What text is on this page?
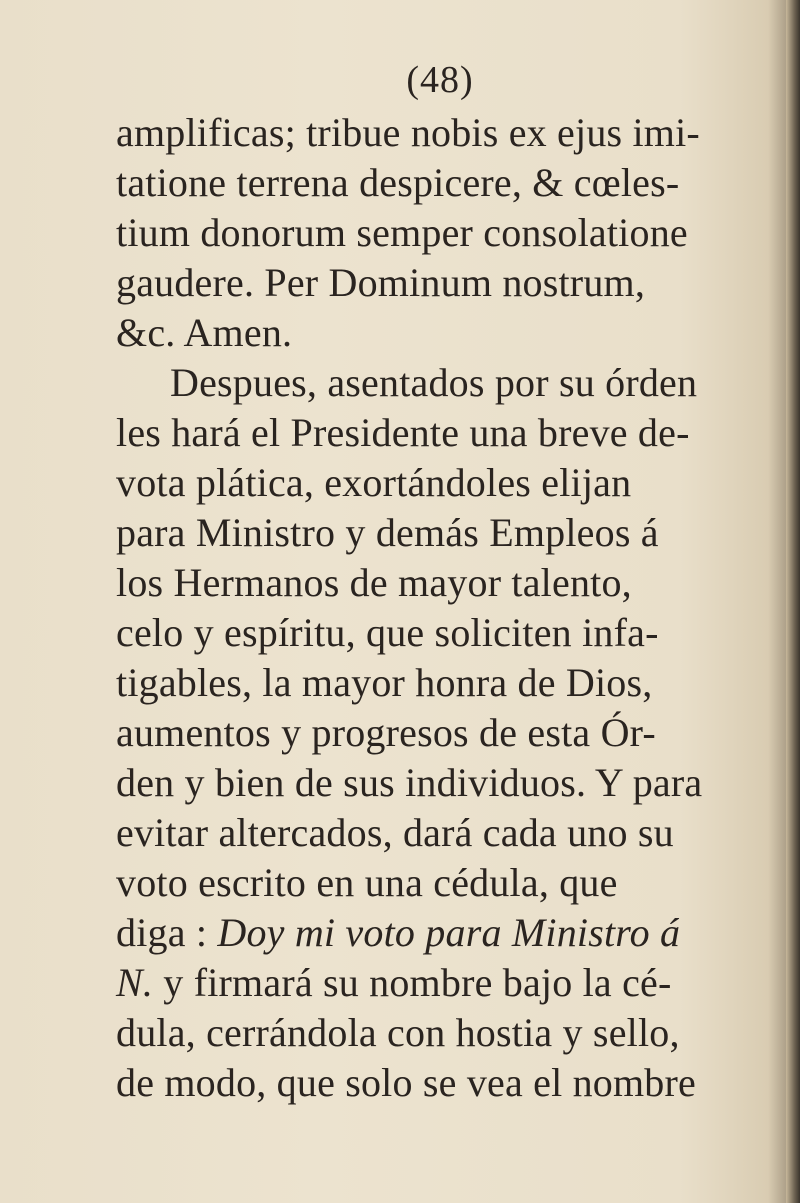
(48)
amplificas; tribue nobis ex ejus imi-
tatione terrena despicere, & cœles-
tium donorum semper consolatione
gaudere. Per Dominum nostrum,
&c. Amen.
Despues, asentados por su órden
les hará el Presidente una breve de-
vota plática, exortándoles elijan
para Ministro y demás Empleos á
los Hermanos de mayor talento,
celo y espíritu, que soliciten infa-
tigables, la mayor honra de Dios,
aumentos y progresos de esta Ór-
den y bien de sus individuos. Y para
evitar altercados, dará cada uno su
voto escrito en una cédula, que
diga : Doy mi voto para Ministro á
N. y firmará su nombre bajo la cé-
dula, cerrándola con hostia y sello,
de modo, que solo se vea el nombre
